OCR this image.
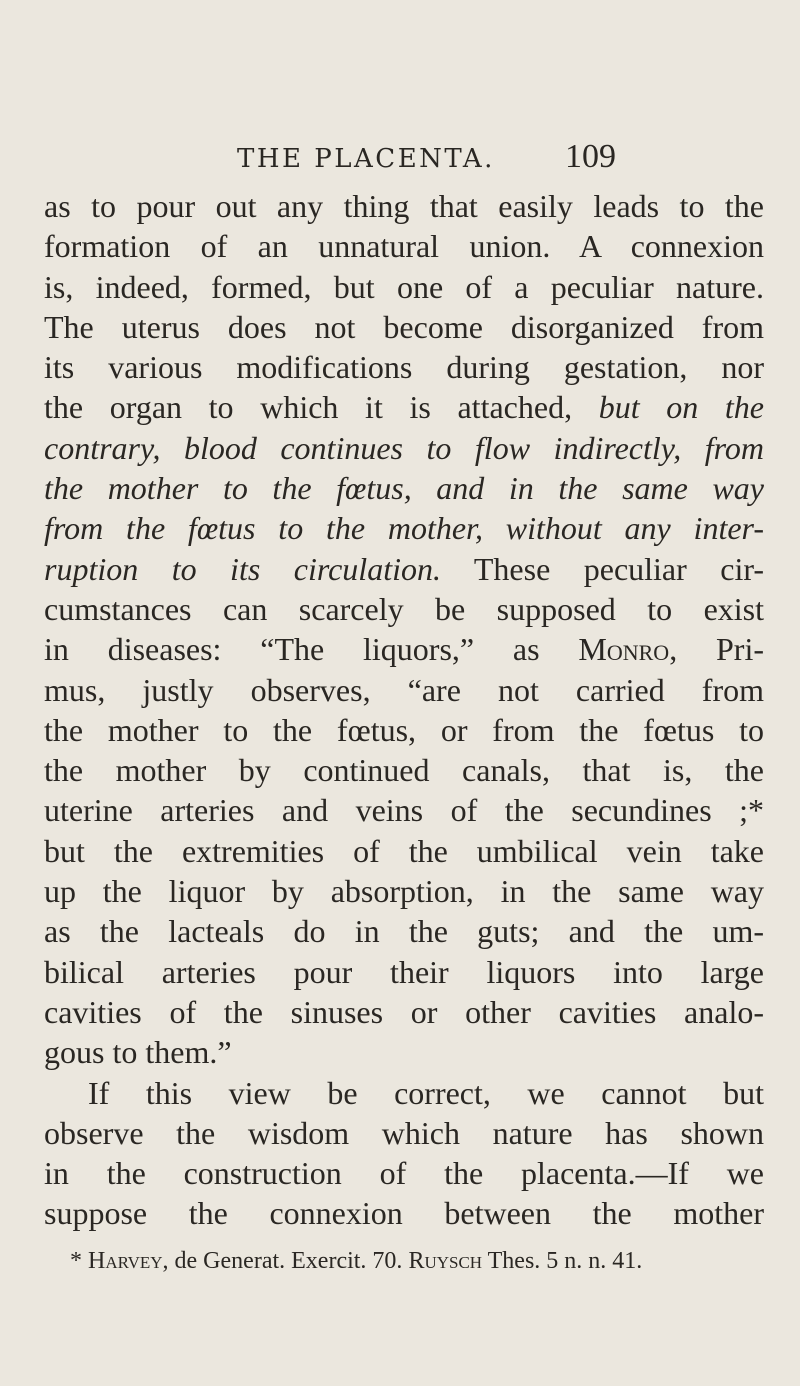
THE PLACENTA. 109
as to pour out any thing that easily leads to the
formation of an unnatural union. A connexion
is, indeed, formed, but one of a peculiar nature.
The uterus does not become disorganized from
its various modifications during gestation, nor
the organ to which it is attached, but on the
contrary, blood continues to flow indirectly, from
the mother to the fœtus, and in the same way
from the fœtus to the mother, without any inter-
ruption to its circulation. These peculiar cir-
cumstances can scarcely be supposed to exist
in diseases: “The liquors,” as Monro, Pri-
mus, justly observes, “are not carried from
the mother to the fœtus, or from the fœtus to
the mother by continued canals, that is, the
uterine arteries and veins of the secundines ;*
but the extremities of the umbilical vein take
up the liquor by absorption, in the same way
as the lacteals do in the guts; and the um-
bilical arteries pour their liquors into large
cavities of the sinuses or other cavities analo-
gous to them.”
If this view be correct, we cannot but
observe the wisdom which nature has shown
in the construction of the placenta.—If we
suppose the connexion between the mother
* Harvey, de Generat. Exercit. 70. Ruysch Thes. 5 n. n. 41.
